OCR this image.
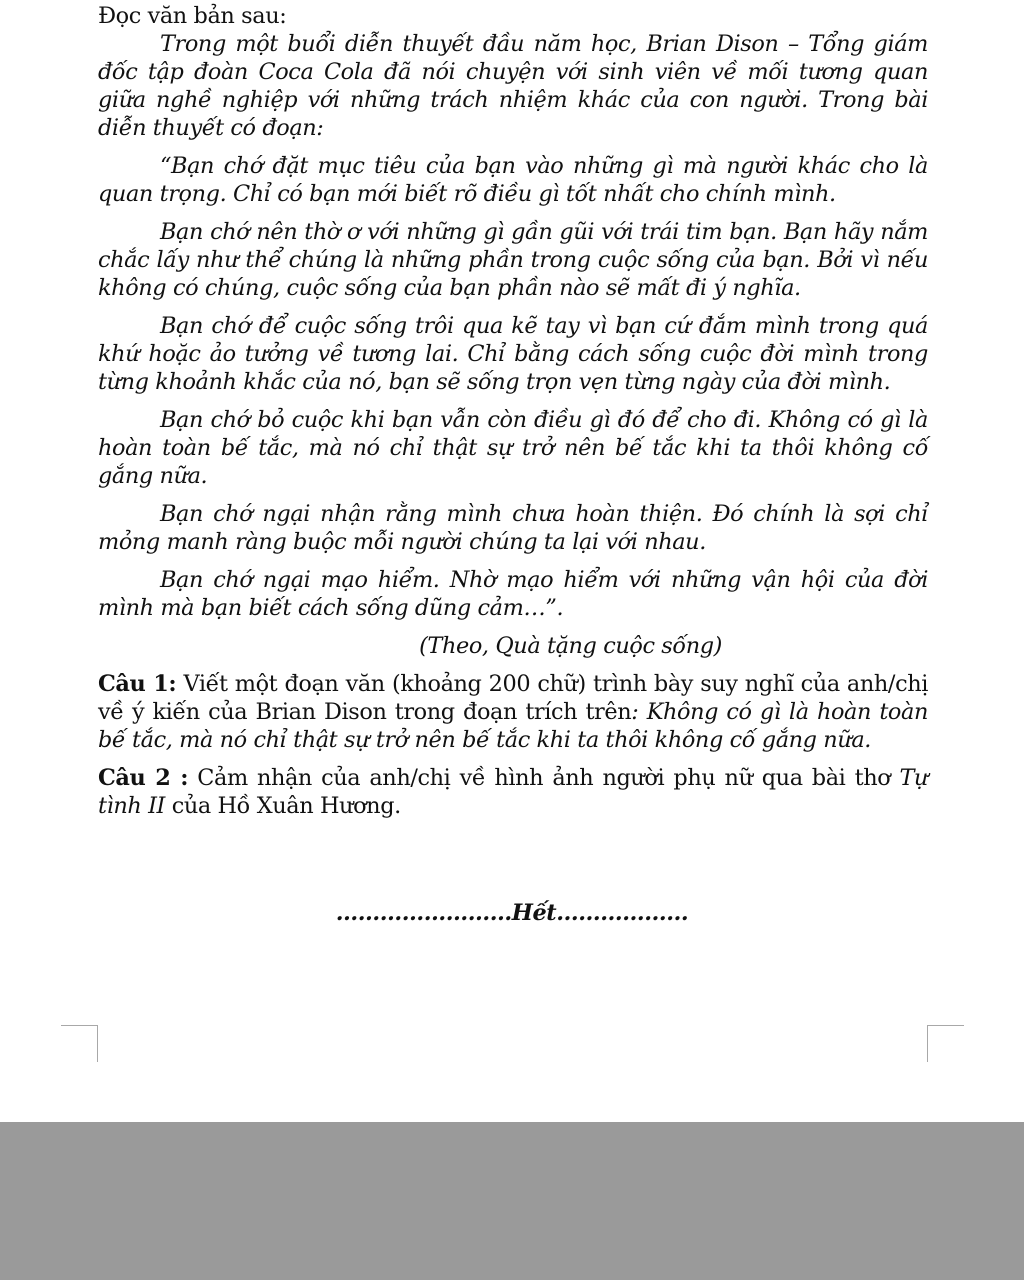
Đọc văn bản sau:

Trong một buổi diễn thuyết đầu năm học, Brian Dison – Tổng giám đốc tập đoàn Coca Cola đã nói chuyện với sinh viên về mối tương quan giữa nghề nghiệp với những trách nhiệm khác của con người. Trong bài diễn thuyết có đoạn:

“Bạn chớ đặt mục tiêu của bạn vào những gì mà người khác cho là quan trọng. Chỉ có bạn mới biết rõ điều gì tốt nhất cho chính mình.

Bạn chớ nên thờ ơ với những gì gần gũi với trái tim bạn. Bạn hãy nắm chắc lấy như thể chúng là những phần trong cuộc sống của bạn. Bởi vì nếu không có chúng, cuộc sống của bạn phần nào sẽ mất đi ý nghĩa.

Bạn chớ để cuộc sống trôi qua kẽ tay vì bạn cứ đắm mình trong quá khứ hoặc ảo tưởng về tương lai. Chỉ bằng cách sống cuộc đời mình trong từng khoảnh khắc của nó, bạn sẽ sống trọn vẹn từng ngày của đời mình.

Bạn chớ bỏ cuộc khi bạn vẫn còn điều gì đó để cho đi. Không có gì là hoàn toàn bế tắc, mà nó chỉ thật sự trở nên bế tắc khi ta thôi không cố gắng nữa.

Bạn chớ ngại nhận rằng mình chưa hoàn thiện. Đó chính là sợi chỉ mỏng manh ràng buộc mỗi người chúng ta lại với nhau.

Bạn chớ ngại mạo hiểm. Nhờ mạo hiểm với những vận hội của đời mình mà bạn biết cách sống dũng cảm…”.

(Theo, Quà tặng cuộc sống)

Câu 1: Viết một đoạn văn (khoảng 200 chữ) trình bày suy nghĩ của anh/chị về ý kiến của Brian Dison trong đoạn trích trên: Không có gì là hoàn toàn bế tắc, mà nó chỉ thật sự trở nên bế tắc khi ta thôi không cố gắng nữa.

Câu 2 : Cảm nhận của anh/chị về hình ảnh người phụ nữ qua bài thơ Tự tình II của Hồ Xuân Hương.

……………………Hết………………
